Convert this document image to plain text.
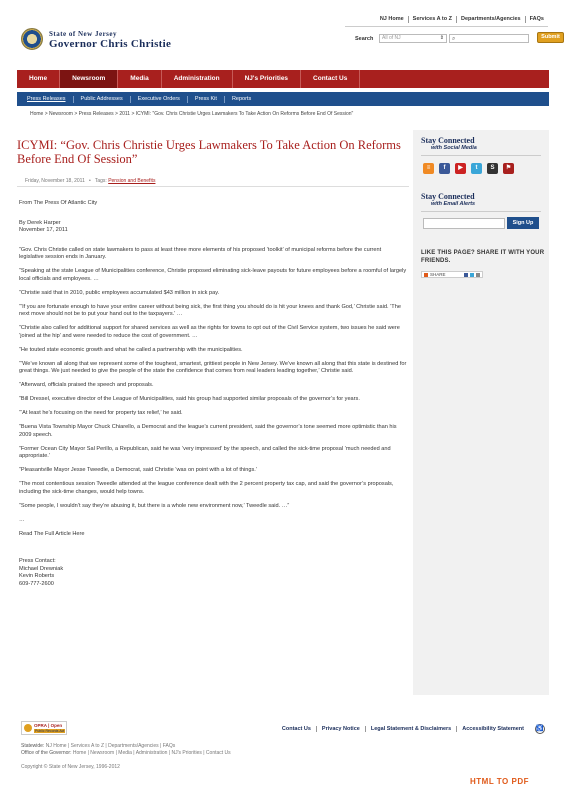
NJ Home	Services A to Z	Departments/Agencies	FAQs
State of New Jersey
Governor Chris Christie	Search	All of NJ	⇕ ⌕	Submit
Home	Newsroom	Media	Administration	NJ's Priorities	Contact Us
Press Releases	Public Addresses	Executive Orders	Press Kit	Reports
Home > Newsroom > Press Releases > 2011 > ICYMI: "Gov. Chris Christie Urges Lawmakers To Take Action On Reforms Before End Of Session"
ICYMI: “Gov. Chris Christie Urges Lawmakers To Take Action On Reforms Before End Of Session”
Friday, November 18, 2011   •   Tags: Pension and Benefits

From The Press Of Atlantic City

By Derek Harper

November 17, 2011

“Gov. Chris Christie called on state lawmakers to pass at least three more elements of his proposed ‘toolkit’ of municipal reforms before the current legislative session ends in January.

“Speaking at the state League of Municipalities conference, Christie proposed eliminating sick-leave payouts for future employees before a roomful of largely local officials and employees. …

“Christie said that in 2010, public employees accumulated $43 million in sick pay.

“‘If you are fortunate enough to have your entire career without being sick, the first thing you should do is hit your knees and thank God,’ Christie said. ‘The next move should not be to put your hand out to the taxpayers.’ …

“Christie also called for additional support for shared services as well as the rights for towns to opt out of the Civil Service system, two issues he said were ‘joined at the hip’ and were needed to reduce the cost of government. …

“He touted state economic growth and what he called a partnership with the municipalities.

“‘We’ve known all along that we represent some of the toughest, smartest, grittiest people in New Jersey. We’ve known all along that this state is destined for great things. We just needed to give the people of the state the confidence that comes from real leaders leading together,’ Christie said.

“Afterward, officials praised the speech and proposals.

“Bill Dressel, executive director of the League of Municipalities, said his group had supported similar proposals of the governor’s for years.

“‘At least he’s focusing on the need for property tax relief,’ he said.

“Buena Vista Township Mayor Chuck Chiarello, a Democrat and the league’s current president, said the governor’s tone seemed more optimistic than his 2009 speech.

“Former Ocean City Mayor Sal Perillo, a Republican, said he was ‘very impressed’ by the speech, and called the sick-time proposal ‘much needed and appropriate.’

“Pleasantville Mayor Jesse Tweedle, a Democrat, said Christie ‘was on point with a lot of things.’

“The most contentious session Tweedle attended at the league conference dealt with the 2 percent property tax cap, and said the governor’s proposals, including the sick-time changes, would help towns.

“Some people, I wouldn’t say they’re abusing it, but there is a whole new environment now,’ Tweedle said. …”

…

Read The Full Article Here

Press Contact:
Michael Drewniak
Kevin Roberts
609-777-2600
Stay Connected
with Social Media
≡	f	▶	t	S	⚑
Stay Connected
with Email Alerts
Sign Up
LIKE THIS PAGE? SHARE IT WITH YOUR FRIENDS.
SHARE
OPRA | Open
Public Records Act	Contact Us	Privacy Notice	Legal Statement & Disclaimers	Accessibility Statement	♿
Statewide: NJ Home | Services A to Z | Departments/Agencies | FAQs
Office of the Governor: Home | Newsroom | Media | Administration | NJ's Priorities | Contact Us
Copyright © State of New Jersey, 1996-2012
HTML TO PDF
